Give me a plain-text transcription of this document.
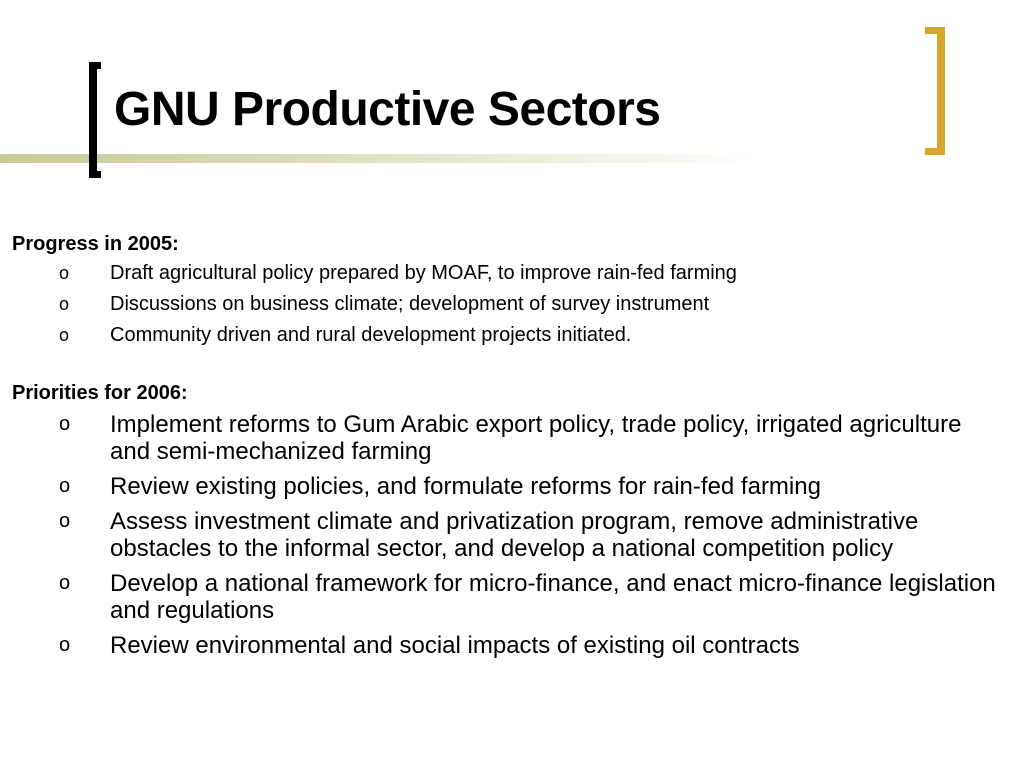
GNU Productive Sectors

Progress in 2005:

o Draft agricultural policy prepared by MOAF, to improve rain-fed farming
o Discussions on business climate; development of survey instrument
o Community driven and rural development projects initiated.

Priorities for 2006:

o Implement reforms to Gum Arabic export policy, trade policy, irrigated agriculture and semi-mechanized farming
o Review existing policies, and formulate reforms for rain-fed farming
o Assess investment climate and privatization program, remove administrative obstacles to the informal sector, and develop a national competition policy
o Develop a national framework for micro-finance, and enact micro-finance legislation and regulations
o Review environmental and social impacts of existing oil contracts
